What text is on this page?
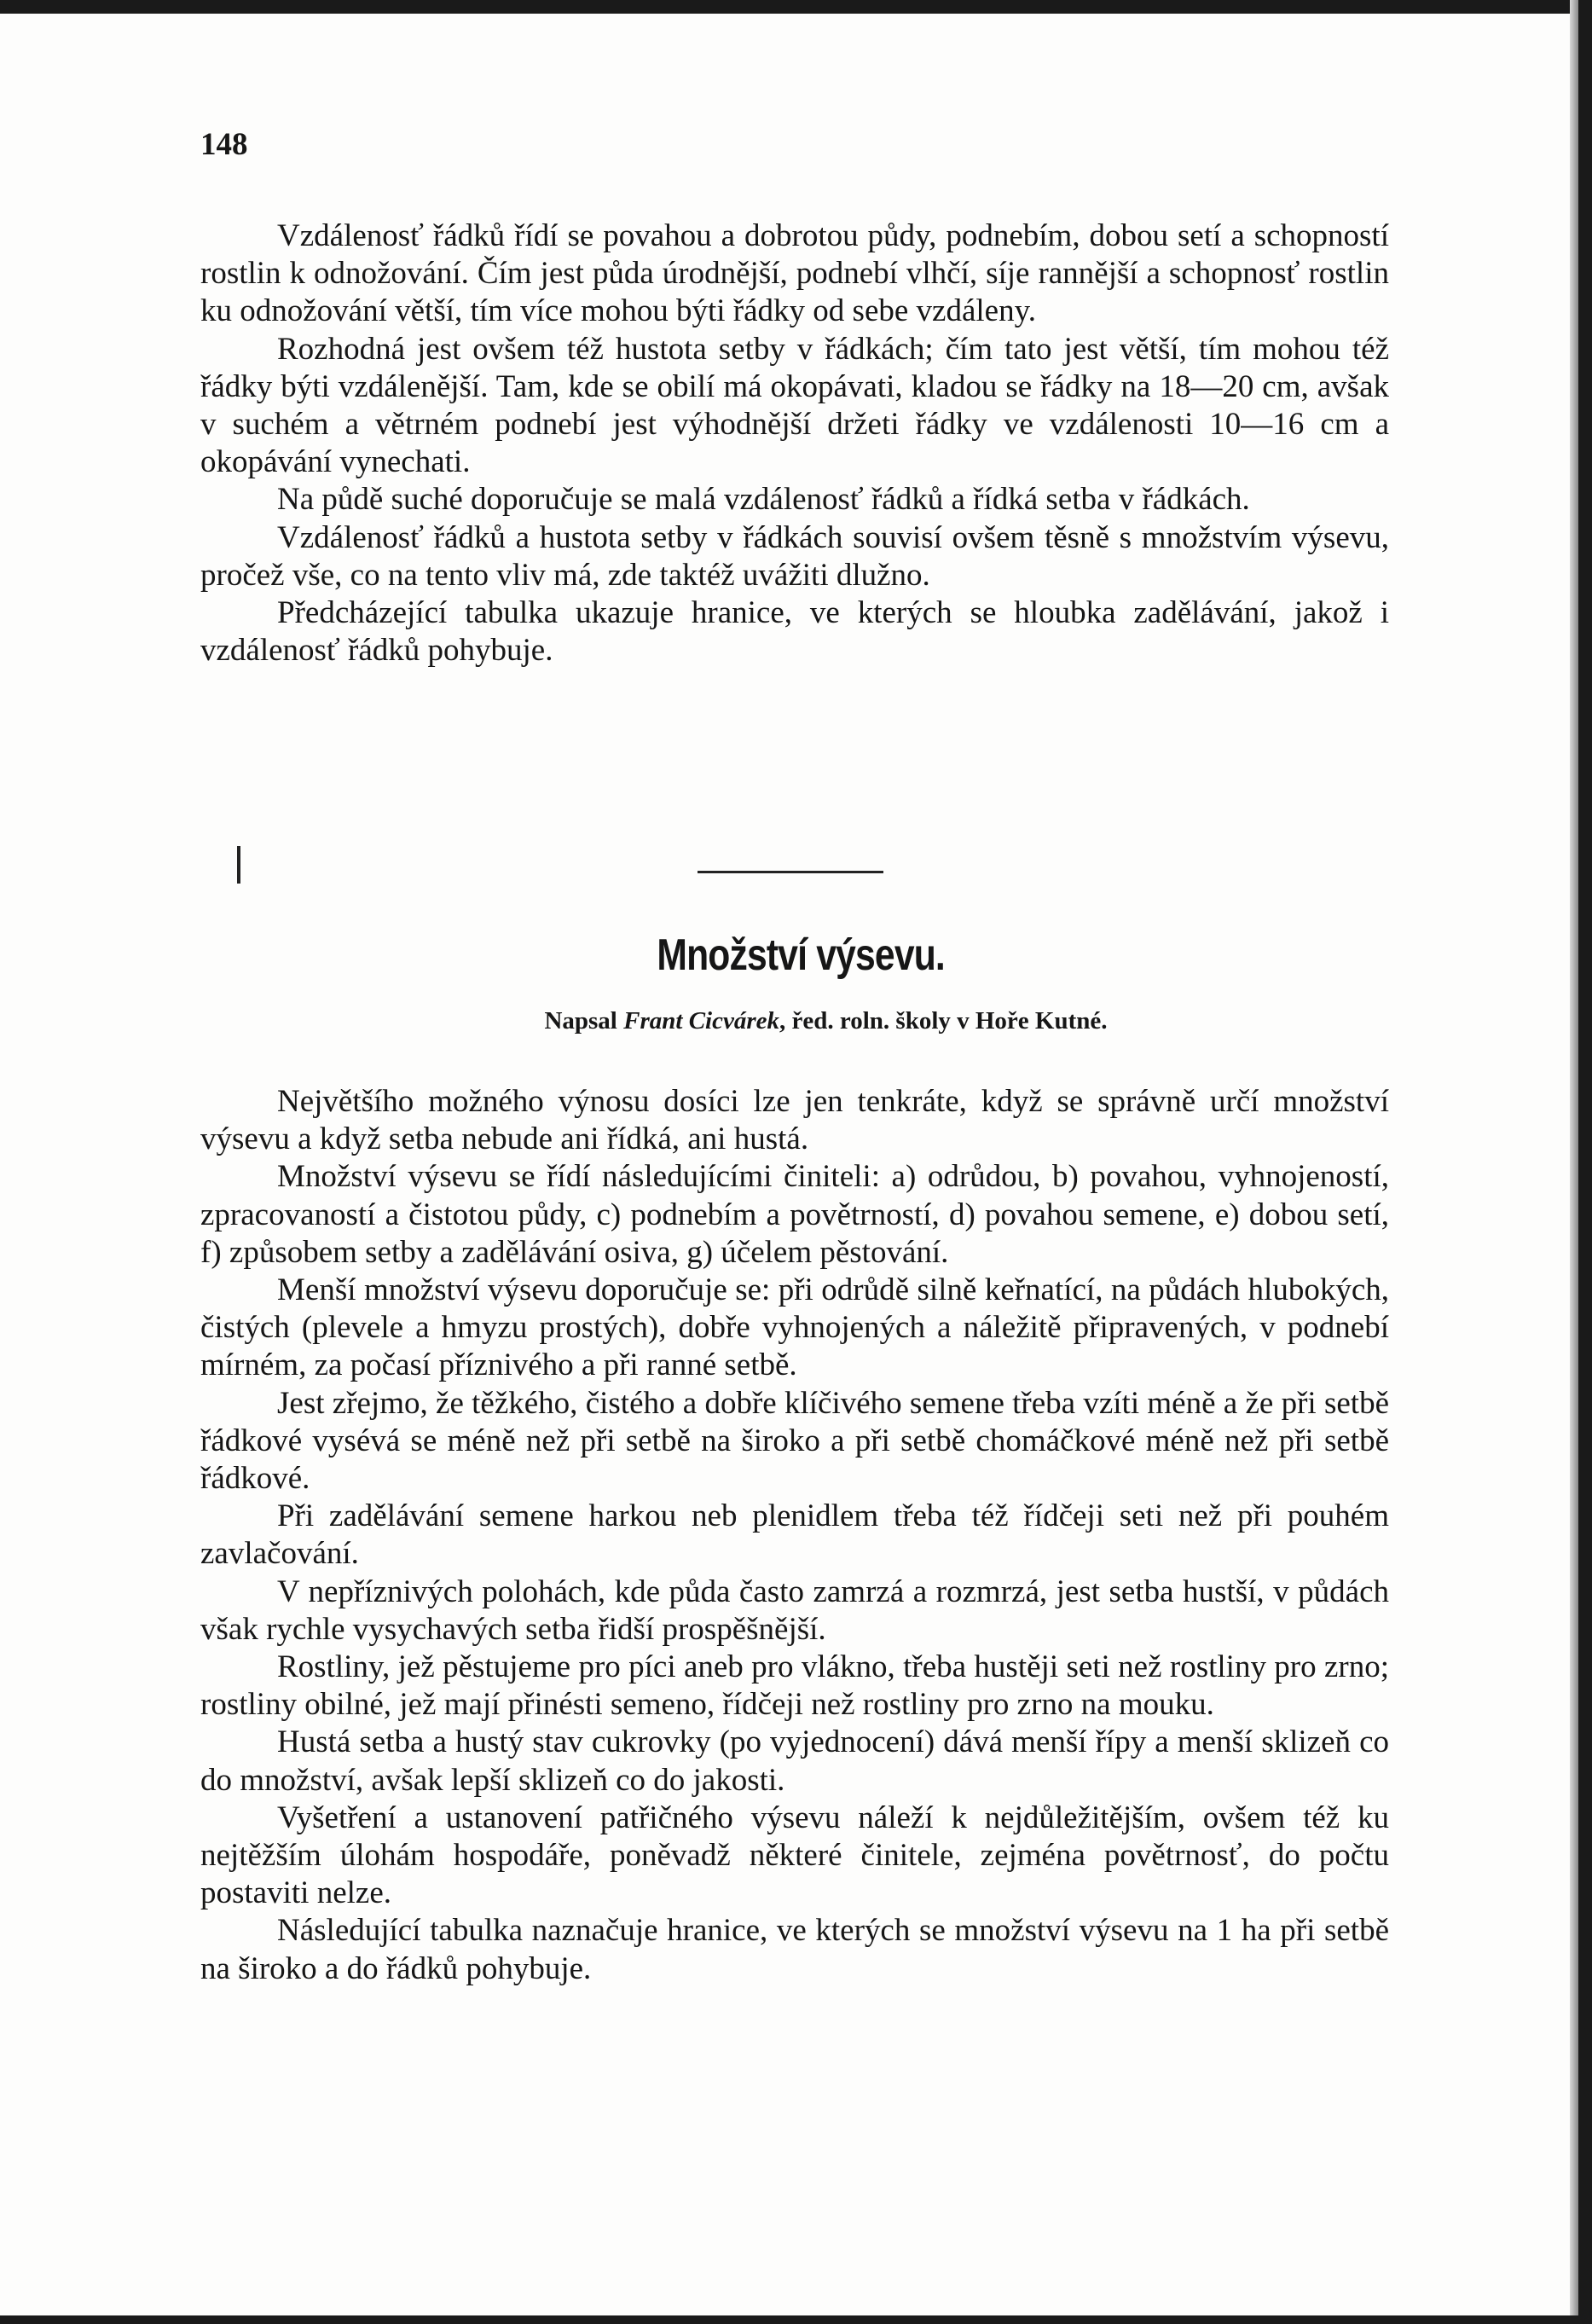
148

Vzdálenosť řádků řídí se povahou a dobrotou půdy, podnebím, dobou setí a schopností rostlin k odnožování. Čím jest půda úrodnější, podnebí vlhčí, síje rannější a schopnosť rostlin ku odnožování větší, tím více mohou býti řádky od sebe vzdáleny.

Rozhodná jest ovšem též hustota setby v řádkách; čím tato jest větší, tím mohou též řádky býti vzdálenější. Tam, kde se obilí má okopávati, kladou se řádky na 18—20 cm, avšak v suchém a větrném podnebí jest výhodnější držeti řádky ve vzdálenosti 10—16 cm a okopávání vynechati.

Na půdě suché doporučuje se malá vzdálenosť řádků a řídká setba v řádkách.

Vzdálenosť řádků a hustota setby v řádkách souvisí ovšem těsně s množstvím výsevu, pročež vše, co na tento vliv má, zde taktéž uvážiti dlužno.

Předcházející tabulka ukazuje hranice, ve kterých se hloubka zadělávání, jakož i vzdálenosť řádků pohybuje.

Množství výsevu.
Napsal Frant Cicvárek, řed. roln. školy v Hoře Kutné.

Největšího možného výnosu dosíci lze jen tenkráte, když se správně určí množství výsevu a když setba nebude ani řídká, ani hustá.

Množství výsevu se řídí následujícími činiteli: a) odrůdou, b) povahou, vyhnojeností, zpracovaností a čistotou půdy, c) podnebím a povětrností, d) povahou semene, e) dobou setí, f) způsobem setby a zadělávání osiva, g) účelem pěstování.

Menší množství výsevu doporučuje se: při odrůdě silně keřnatící, na půdách hlubokých, čistých (plevele a hmyzu prostých), dobře vyhnojených a náležitě připravených, v podnebí mírném, za počasí příznivého a při ranné setbě.

Jest zřejmo, že těžkého, čistého a dobře klíčivého semene třeba vzíti méně a že při setbě řádkové vysévá se méně než při setbě na široko a při setbě chomáčkové méně než při setbě řádkové.

Při zadělávání semene harkou neb plenidlem třeba též řídčeji seti než při pouhém zavlačování.

V nepříznivých polohách, kde půda často zamrzá a rozmrzá, jest setba hustší, v půdách však rychle vysychavých setba řidší prospěšnější.

Rostliny, jež pěstujeme pro píci aneb pro vlákno, třeba hustěji seti než rostliny pro zrno; rostliny obilné, jež mají přinésti semeno, řídčeji než rostliny pro zrno na mouku.

Hustá setba a hustý stav cukrovky (po vyjednocení) dává menší řípy a menší sklizeň co do množství, avšak lepší sklizeň co do jakosti.

Vyšetření a ustanovení patřičného výsevu náleží k nejdůležitějším, ovšem též ku nejtěžším úlohám hospodáře, poněvadž některé činitele, zejména povětrnosť, do počtu postaviti nelze.

Následující tabulka naznačuje hranice, ve kterých se množství výsevu na 1 ha při setbě na široko a do řádků pohybuje.
